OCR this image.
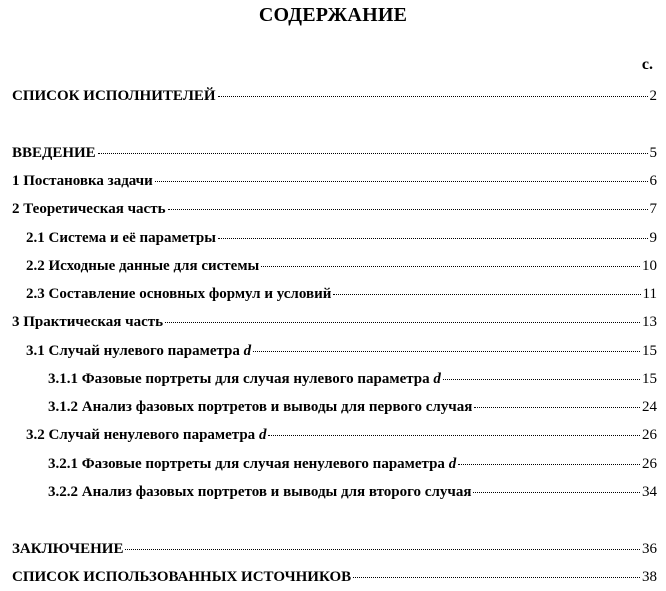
СОДЕРЖАНИЕ
с.
СПИСОК ИСПОЛНИТЕЛЕЙ	2
ВВЕДЕНИЕ	5
1 Постановка задачи	6
2 Теоретическая часть	7
2.1 Система и её параметры	9
2.2 Исходные данные для системы	10
2.3 Составление основных формул и условий	11
3 Практическая часть	13
3.1 Случай нулевого параметра d	15
3.1.1 Фазовые портреты для случая нулевого параметра d	15
3.1.2 Анализ фазовых портретов и выводы для первого случая	24
3.2 Случай ненулевого параметра d	26
3.2.1 Фазовые портреты для случая ненулевого параметра d	26
3.2.2 Анализ фазовых портретов и выводы для второго случая	34
ЗАКЛЮЧЕНИЕ	36
СПИСОК ИСПОЛЬЗОВАННЫХ ИСТОЧНИКОВ	38
